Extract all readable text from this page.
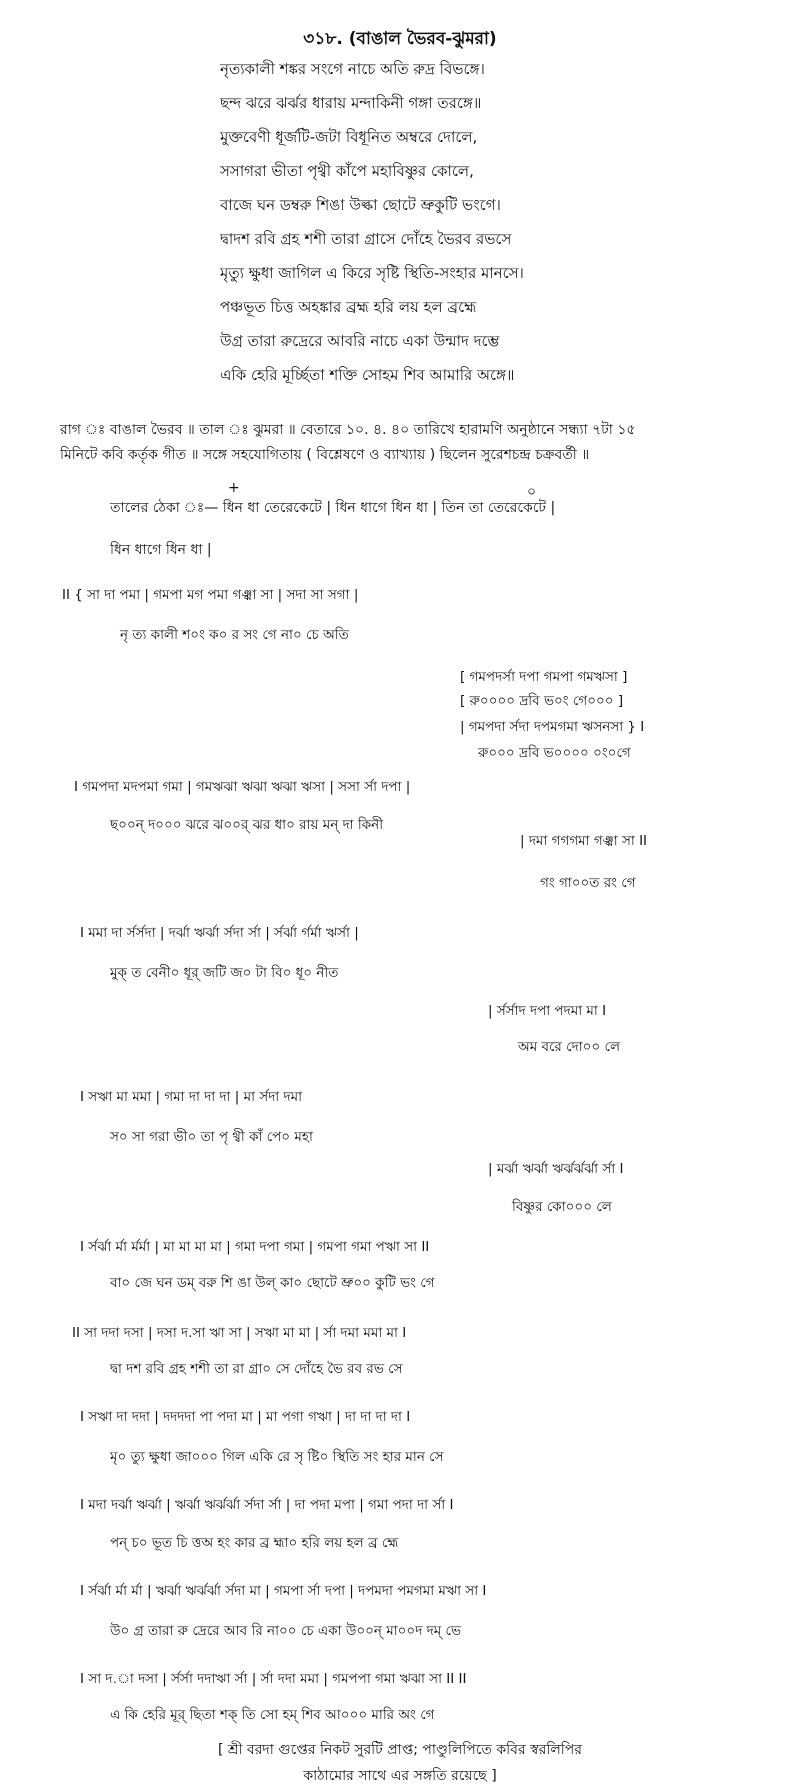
৩১৮. (বাঙাল ভৈরব-ঝুমরা)
নৃত্যকালী শঙ্কর সংগে নাচে অতি রুদ্র বিভঙ্গে।
ছন্দ ঝরে ঝর্ঝর ধারায় মন্দাকিনী গঙ্গা তরঙ্গে॥
মুক্তবেণী ধূর্জটি-জটা বিধূনিত অম্বরে দোলে,
সসাগরা ভীতা পৃথ্বী কাঁপে মহাবিষ্ণুর কোলে,
বাজে ঘন ডম্বরু শিঙা উল্কা ছোটে ভ্রুকুটি ভংগে।
দ্বাদশ রবি গ্রহ শশী তারা গ্রাসে দোঁহে ভৈরব রভসে
মৃত্যু ক্ষুধা জাগিল এ কিরে সৃষ্টি স্থিতি-সংহার মানসে।
পঞ্চভূত চিত্ত অহঙ্কার ব্রহ্ম হরি লয় হল ব্রহ্মে
উগ্র তারা রুদ্রেরে আবরি নাচে একা উন্মাদ দম্ভে
একি হেরি মূর্চ্ছিতা শক্তি সোহম শিব আমারি অঙ্গে॥
রাগ ঃ বাঙাল ভৈরব ॥ তাল ঃ ঝুমরা ॥ বেতারে ১০. ৪. ৪০ তারিখে হারামণি অনুষ্ঠানে সন্ধ্যা ৭টা ১৫
মিনিটে কবি কর্তৃক গীত ॥ সঙ্গে সহযোগিতায় ( বিশ্লেষণে ও ব্যাখ্যায় ) ছিলেন সুরেশচন্দ্র চক্রবর্তী ॥
+	০
তালের ঠেকা ঃ— ধিন ধা তেরেকেটে | ধিন ধাগে ধিন ধা | তিন তা তেরেকেটে |
ধিন ধাগে ধিন ধা |
II { সা দা পমা | গমপা মগ পমা গঞ্ঝা সা | সদা সা সগা |
নৃ ত্য কালী শ০ং ক০ র সং গে না০ চে অতি
[ গমপদর্সা দপা গমপা গমঋসা ]
[ রু০০০০ দ্রবি ভ০ং গে০০০ ]
| গমপদা র্সদা দপমগমা ঋসনসা } I
রু০০০ দ্রবি ভ০০০০ ০ং০গে
I গমপদা মদপমা গমা | গমঋঝা ঋঝা ঋঝা ঋসা | সসা র্সা দপা |
ছ০০ন্ দ০০০ ঝরে ঝ০০র্ ঝর ধা০ রায় মন্ দা কিনী
| দমা গগগমা গঞ্ঝা সা II
গং গা০০ত রং গে
I মমা দা র্সর্সদা | দর্ঝা ঋর্ঝা র্সদা র্সা | র্সর্ঝা র্গর্মা ঋর্সা |
মুক্ ত বেনী০ ধূর্ জটি জ০ টা বি০ ধূ০ নীত
| র্সর্সাদ দপা পদমা মা I
অম বরে দো০০ লে
I সঋা মা মমা | গমা দা দা দা | মা র্সদা দমা
স০ সা গরা ভী০ তা পৃ থ্বী কাঁ পে০ মহা
| মর্ঝা ঋর্ঝা ঋর্ঝর্ঝর্ঝা র্সা I
বিষ্ণুর কো০০০ লে
I র্সর্ঝা র্মা র্মর্মা | মা মা মা মা | গমা দপা গমা | গমপা গমা পঋা সা II
বা০ জে ঘন ডম্ বরু শি ঙা উল্ কা০ ছোটে ভ্রু০০ কুটি ভং গে
II সা দদা দসা | দসা দ.সা ঋা সা | সঋা মা মা | র্সা দমা মমা মা I
দ্বা দশ রবি গ্রহ শশী তা রা গ্রা০ সে দোঁহে ভৈ রব রভ সে
I সঋা দা দদা | দদদদা পা পদা মা | মা পগা গঋা | দা দা দা দা I
মৃ০ ত্যু ক্ষুধা জা০০০ গিল একি রে সৃ ষ্টি০ স্থিতি সং হার মান সে
I মদা দর্ঝা ঋর্ঝা | ঋর্ঝা ঋর্ঝর্ঝা র্সদা র্সা | দা পদা মপা | গমা পদা দা র্সা I
পন্ চ০ ভূত চি ত্তঅ হং কার ব্র হ্মা০ হরি লয় হল ব্র হ্মে
I র্সর্ঝা র্মা র্মা | ঋর্ঝা ঋর্ঝর্ঝা র্সদা মা | গমপা র্সা দপা | দপমদা পমগমা মঋা সা I
উ০ গ্র তারা রু দ্রেরে আব রি না০০ চে একা উ০০ন্ মা০০দ দম্ ভে
I সা দ.া দসা | র্সর্সা দদাঋা র্সা | র্সা দদা মমা | গমপপা গমা ঋঝা সা II II
এ কি হেরি মূর্ ছিতা শক্ তি সো হম্ শিব আ০০০ মারি অং গে
[ শ্রী বরদা গুপ্তের নিকট সুরটি প্রাপ্ত; পাণ্ডুলিপিতে কবির স্বরলিপির
কাঠামোর সাথে এর সঙ্গতি রয়েছে ]
